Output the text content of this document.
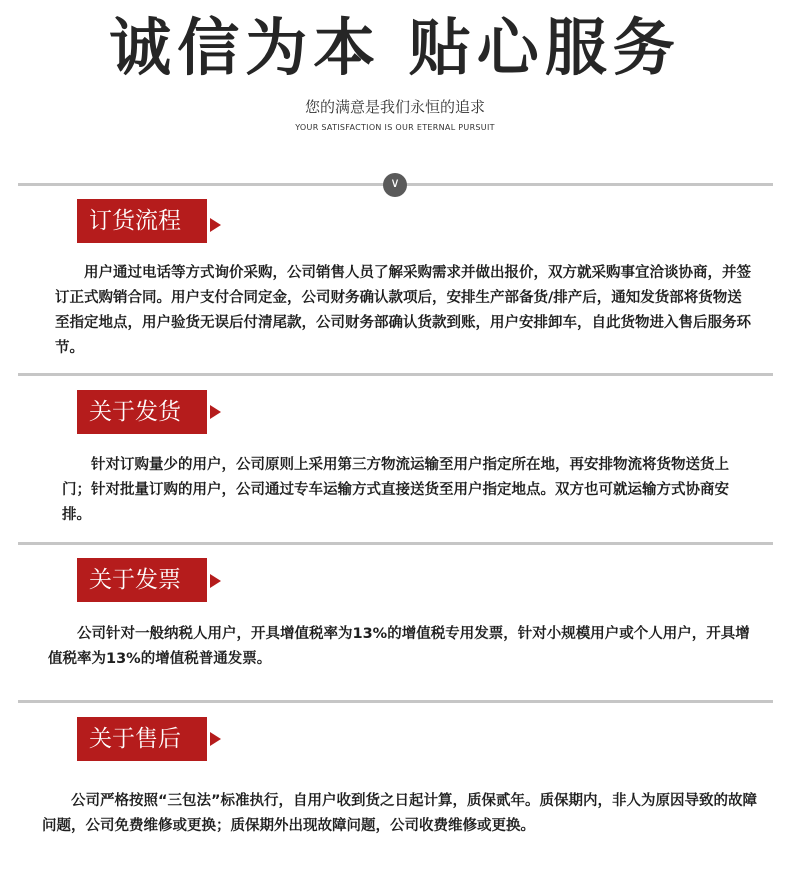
诚信为本 贴心服务
您的满意是我们永恒的追求
YOUR SATISFACTION IS OUR ETERNAL PURSUIT
∨
订货流程
用户通过电话等方式询价采购，公司销售人员了解采购需求并做出报价，双方就采购事宜洽谈协商，并签订正式购销合同。用户支付合同定金，公司财务确认款项后，安排生产部备货/排产后，通知发货部将货物送至指定地点，用户验货无误后付清尾款，公司财务部确认货款到账，用户安排卸车，自此货物进入售后服务环节。
关于发货
针对订购量少的用户，公司原则上采用第三方物流运输至用户指定所在地，再安排物流将货物送货上门；针对批量订购的用户，公司通过专车运输方式直接送货至用户指定地点。双方也可就运输方式协商安排。
关于发票
公司针对一般纳税人用户，开具增值税率为13%的增值税专用发票，针对小规模用户或个人用户，开具增值税率为13%的增值税普通发票。
关于售后
公司严格按照“三包法”标准执行，自用户收到货之日起计算，质保贰年。质保期内，非人为原因导致的故障问题，公司免费维修或更换；质保期外出现故障问题，公司收费维修或更换。
